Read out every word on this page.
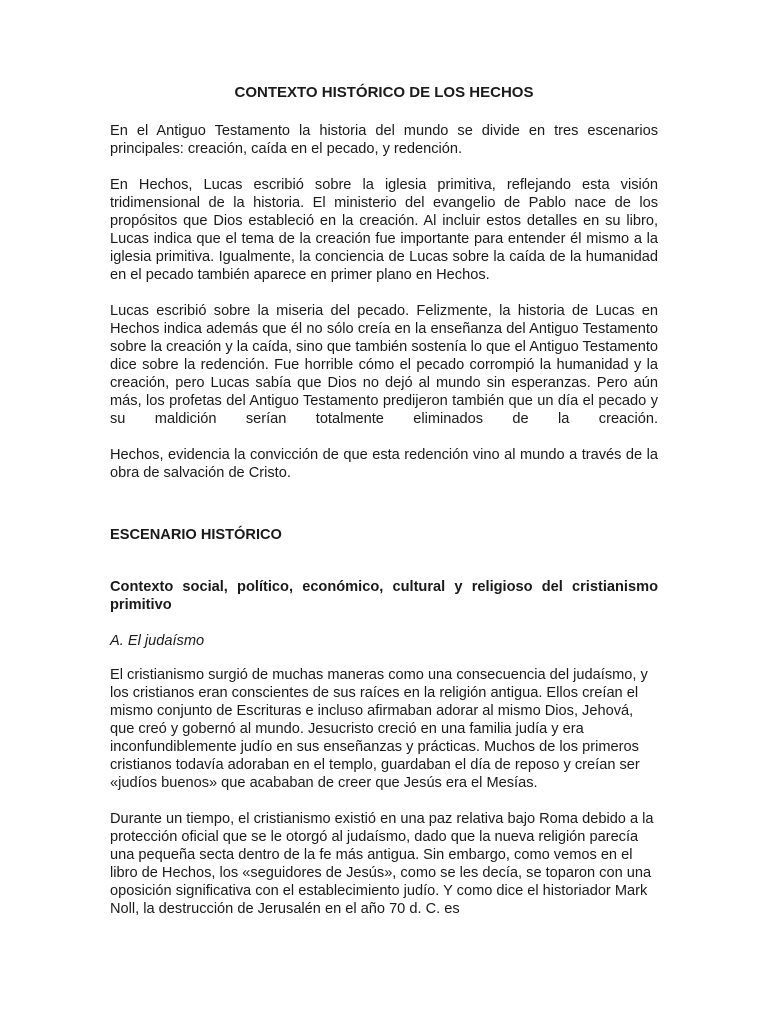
CONTEXTO HISTÓRICO DE LOS HECHOS

En el Antiguo Testamento la historia del mundo se divide en tres escenarios principales: creación, caída en el pecado, y redención.

En Hechos, Lucas escribió sobre la iglesia primitiva, reflejando esta visión tridimensional de la historia. El ministerio del evangelio de Pablo nace de los propósitos que Dios estableció en la creación. Al incluir estos detalles en su libro, Lucas indica que el tema de la creación fue importante para entender él mismo a la iglesia primitiva. Igualmente, la conciencia de Lucas sobre la caída de la humanidad en el pecado también aparece en primer plano en Hechos.

Lucas escribió sobre la miseria del pecado. Felizmente, la historia de Lucas en Hechos indica además que él no sólo creía en la enseñanza del Antiguo Testamento sobre la creación y la caída, sino que también sostenía lo que el Antiguo Testamento dice sobre la redención. Fue horrible cómo el pecado corrompió la humanidad y la creación, pero Lucas sabía que Dios no dejó al mundo sin esperanzas. Pero aún más, los profetas del Antiguo Testamento predijeron también que un día el pecado y su maldición serían totalmente eliminados de la creación.

Hechos, evidencia la convicción de que esta redención vino al mundo a través de la obra de salvación de Cristo.

ESCENARIO HISTÓRICO

Contexto social, político, económico, cultural y religioso del cristianismo primitivo

A. El judaísmo

El cristianismo surgió de muchas maneras como una consecuencia del judaísmo, y los cristianos eran conscientes de sus raíces en la religión antigua. Ellos creían el mismo conjunto de Escrituras e incluso afirmaban adorar al mismo Dios, Jehová, que creó y gobernó al mundo. Jesucristo creció en una familia judía y era inconfundiblemente judío en sus enseñanzas y prácticas. Muchos de los primeros cristianos todavía adoraban en el templo, guardaban el día de reposo y creían ser «judíos buenos» que acababan de creer que Jesús era el Mesías.

Durante un tiempo, el cristianismo existió en una paz relativa bajo Roma debido a la protección oficial que se le otorgó al judaísmo, dado que la nueva religión parecía una pequeña secta dentro de la fe más antigua. Sin embargo, como vemos en el libro de Hechos, los «seguidores de Jesús», como se les decía, se toparon con una oposición significativa con el establecimiento judío. Y como dice el historiador Mark Noll, la destrucción de Jerusalén en el año 70 d. C. es
